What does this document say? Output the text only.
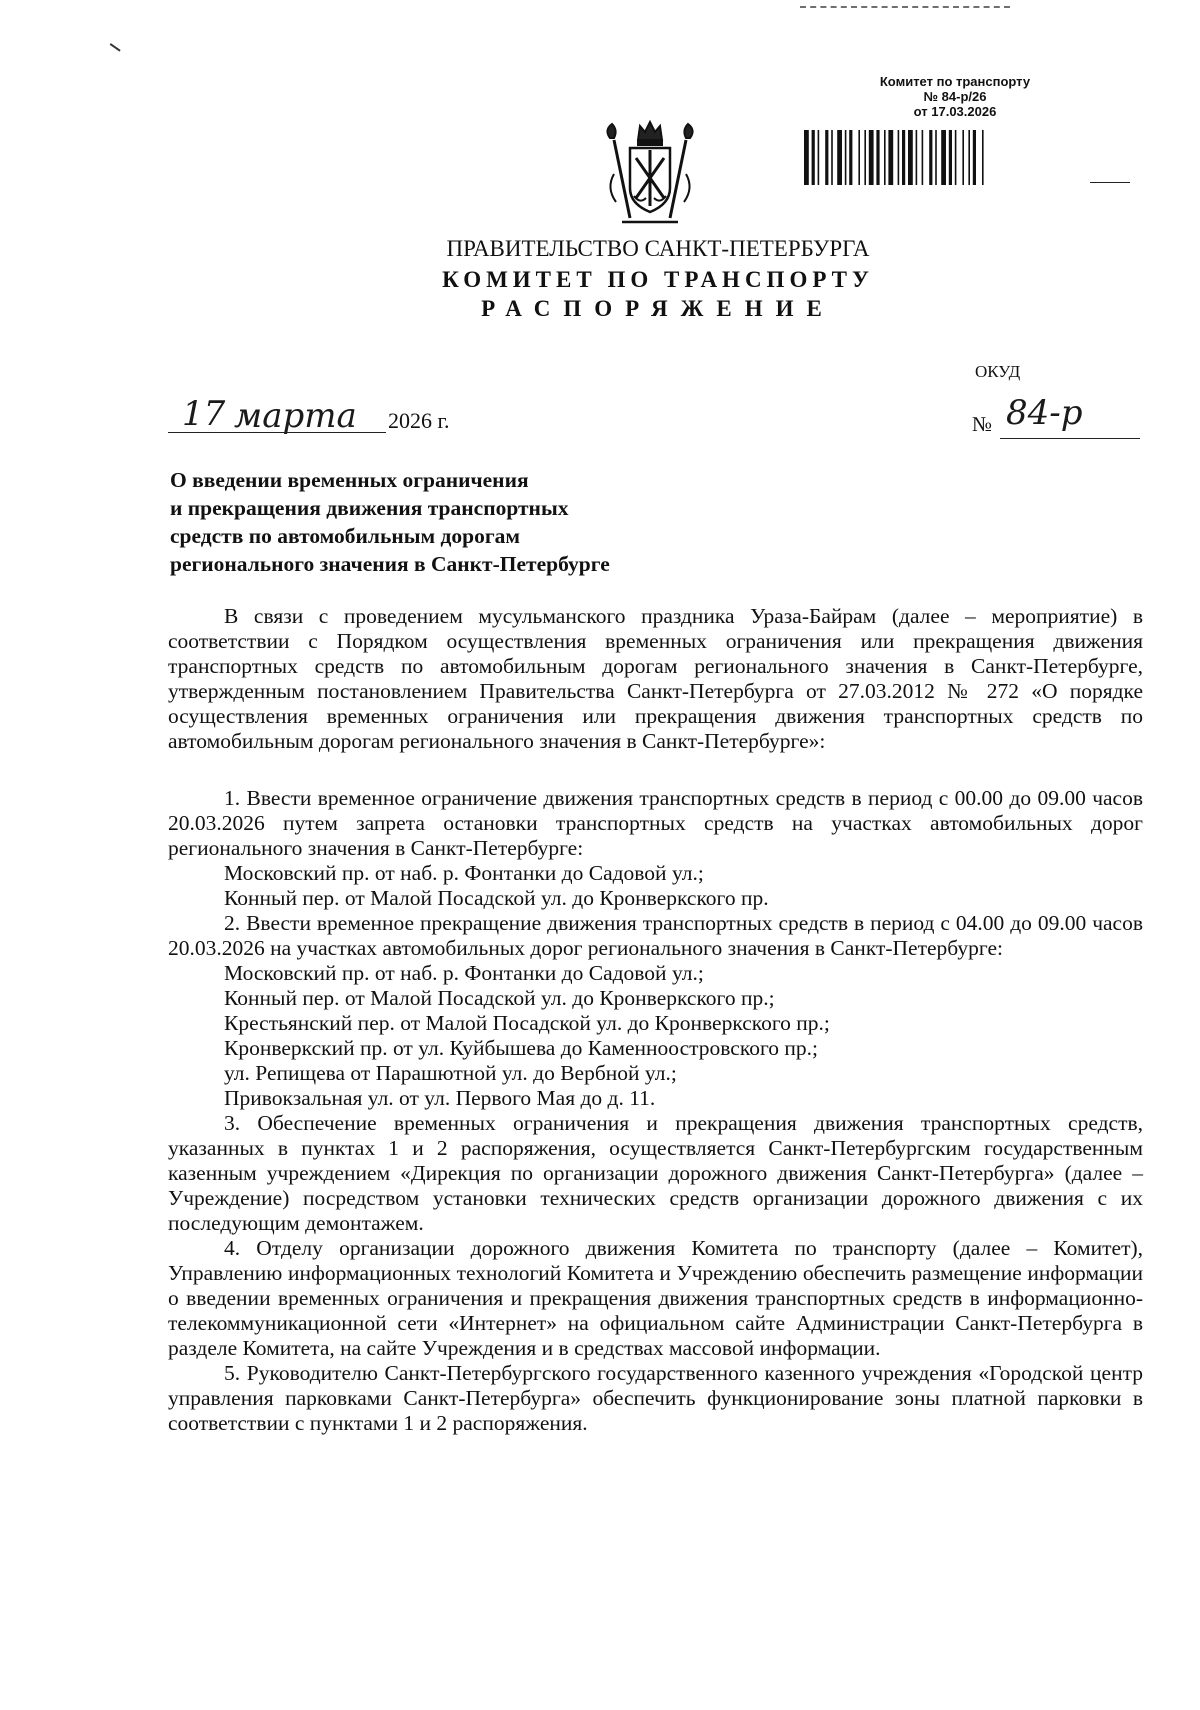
Комитет по транспорту
№ 84-р/26
от 17.03.2026
ПРАВИТЕЛЬСТВО САНКТ-ПЕТЕРБУРГА
КОМИТЕТ ПО ТРАНСПОРТУ
РАСПОРЯЖЕНИЕ
ОКУД
17 марта 2026 г.	№ 84-р
О введении временных ограничения
и прекращения движения транспортных
средств по автомобильным дорогам
регионального значения в Санкт-Петербурге

В связи с проведением мусульманского праздника Ураза-Байрам (далее – мероприятие) в соответствии с Порядком осуществления временных ограничения или прекращения движения транспортных средств по автомобильным дорогам регионального значения в Санкт-Петербурге, утвержденным постановлением Правительства Санкт-Петербурга от 27.03.2012 № 272 «О порядке осуществления временных ограничения или прекращения движения транспортных средств по автомобильным дорогам регионального значения в Санкт-Петербурге»:

1. Ввести временное ограничение движения транспортных средств в период с 00.00 до 09.00 часов 20.03.2026 путем запрета остановки транспортных средств на участках автомобильных дорог регионального значения в Санкт-Петербурге:

Московский пр. от наб. р. Фонтанки до Садовой ул.;

Конный пер. от Малой Посадской ул. до Кронверкского пр.

2. Ввести временное прекращение движения транспортных средств в период с 04.00 до 09.00 часов 20.03.2026 на участках автомобильных дорог регионального значения в Санкт-Петербурге:

Московский пр. от наб. р. Фонтанки до Садовой ул.;

Конный пер. от Малой Посадской ул. до Кронверкского пр.;

Крестьянский пер. от Малой Посадской ул. до Кронверкского пр.;

Кронверкский пр. от ул. Куйбышева до Каменноостровского пр.;

ул. Репищева от Парашютной ул. до Вербной ул.;

Привокзальная ул. от ул. Первого Мая до д. 11.

3. Обеспечение временных ограничения и прекращения движения транспортных средств, указанных в пунктах 1 и 2 распоряжения, осуществляется Санкт-Петербургским государственным казенным учреждением «Дирекция по организации дорожного движения Санкт-Петербурга» (далее – Учреждение) посредством установки технических средств организации дорожного движения с их последующим демонтажем.

4. Отделу организации дорожного движения Комитета по транспорту (далее – Комитет), Управлению информационных технологий Комитета и Учреждению обеспечить размещение информации о введении временных ограничения и прекращения движения транспортных средств в информационно-телекоммуникационной сети «Интернет» на официальном сайте Администрации Санкт-Петербурга в разделе Комитета, на сайте Учреждения и в средствах массовой информации.

5. Руководителю Санкт-Петербургского государственного казенного учреждения «Городской центр управления парковками Санкт-Петербурга» обеспечить функционирование зоны платной парковки в соответствии с пунктами 1 и 2 распоряжения.
